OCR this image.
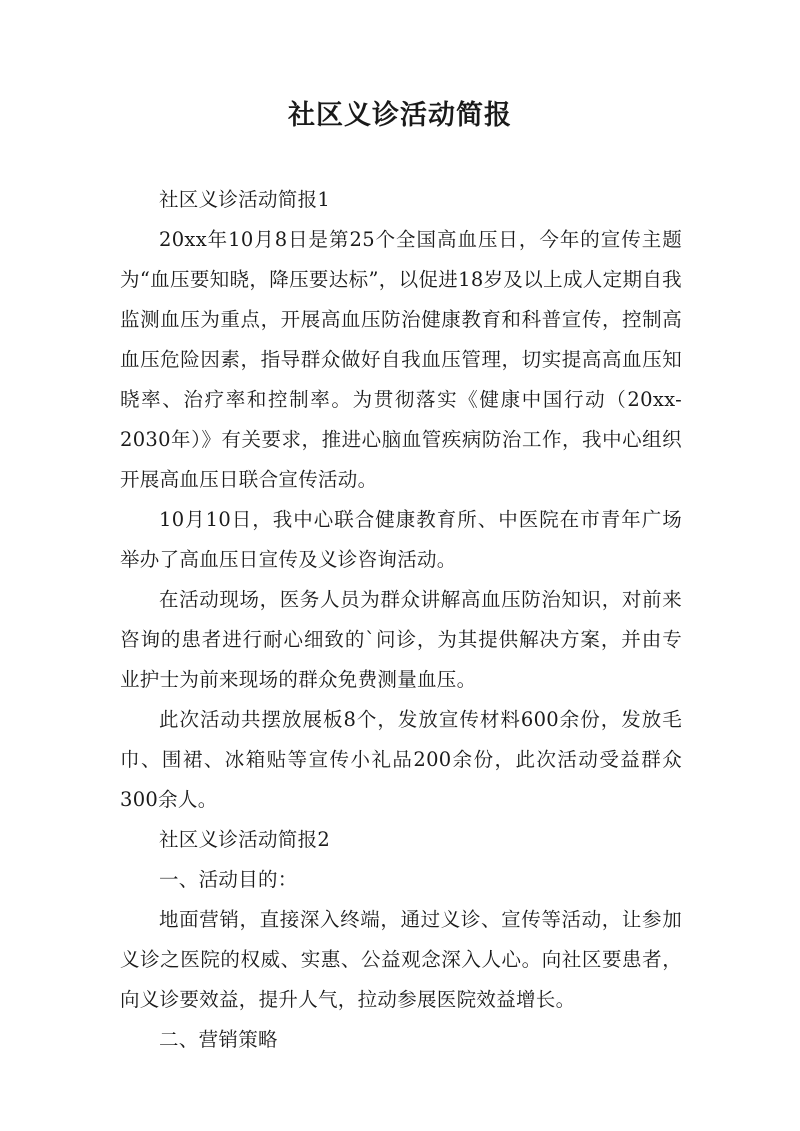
社区义诊活动简报

社区义诊活动简报1

20xx年10月8日是第25个全国高血压日，今年的宣传主题为“血压要知晓，降压要达标”，以促进18岁及以上成人定期自我监测血压为重点，开展高血压防治健康教育和科普宣传，控制高血压危险因素，指导群众做好自我血压管理，切实提高高血压知晓率、治疗率和控制率。为贯彻落实《健康中国行动（20xx-2030年）》有关要求，推进心脑血管疾病防治工作，我中心组织开展高血压日联合宣传活动。

10月10日，我中心联合健康教育所、中医院在市青年广场举办了高血压日宣传及义诊咨询活动。

在活动现场，医务人员为群众讲解高血压防治知识，对前来咨询的患者进行耐心细致的`问诊，为其提供解决方案，并由专业护士为前来现场的群众免费测量血压。

此次活动共摆放展板8个，发放宣传材料600余份，发放毛巾、围裙、冰箱贴等宣传小礼品200余份，此次活动受益群众300余人。

社区义诊活动简报2

一、活动目的：

地面营销，直接深入终端，通过义诊、宣传等活动，让参加义诊之医院的权威、实惠、公益观念深入人心。向社区要患者，向义诊要效益，提升人气，拉动参展医院效益增长。

二、营销策略
